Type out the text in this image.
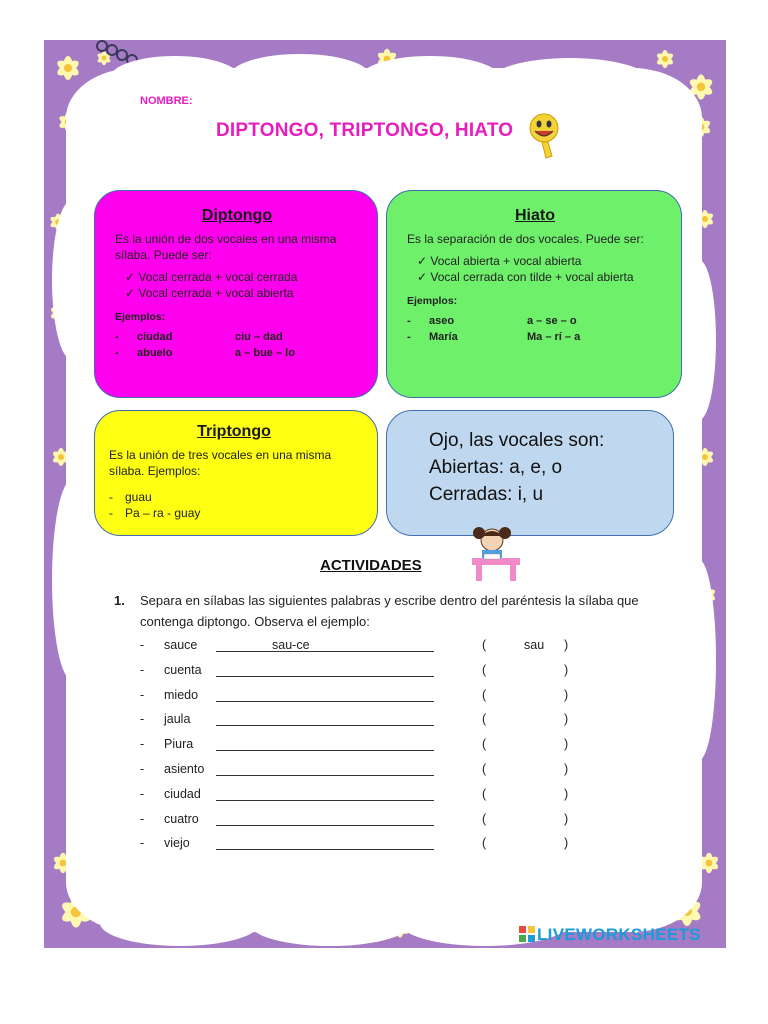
NOMBRE:
DIPTONGO, TRIPTONGO, HIATO
Diptongo

Es la unión de dos vocales en una misma sílaba. Puede ser:

✓ Vocal cerrada + vocal cerrada
✓ Vocal cerrada + vocal abierta
Ejemplos:
- ciudad	ciu – dad
- abuelo	a – bue – lo
Hiato

Es la separación de dos vocales. Puede ser:

✓ Vocal abierta + vocal abierta
✓ Vocal cerrada con tilde + vocal abierta
Ejemplos:
- aseo	a – se – o
- María	Ma – rí – a
Triptongo

Es la unión de tres vocales en una misma sílaba. Ejemplos:

- guau
- Pa – ra - guay
Ojo, las vocales son:
Abiertas: a, e, o
Cerradas: i, u
ACTIVIDADES
1. Separa en sílabas las siguientes palabras y escribe dentro del paréntesis la sílaba que
contenga diptongo. Observa el ejemplo:
- sauce	sau-ce	(	sau )
- cuenta	(	)
- miedo	(	)
- jaula	(	)
- Piura	(	)
- asiento	(	)
- ciudad	(	)
- cuatro	(	)
- viejo	(	)
LIVEWORKSHEETS
